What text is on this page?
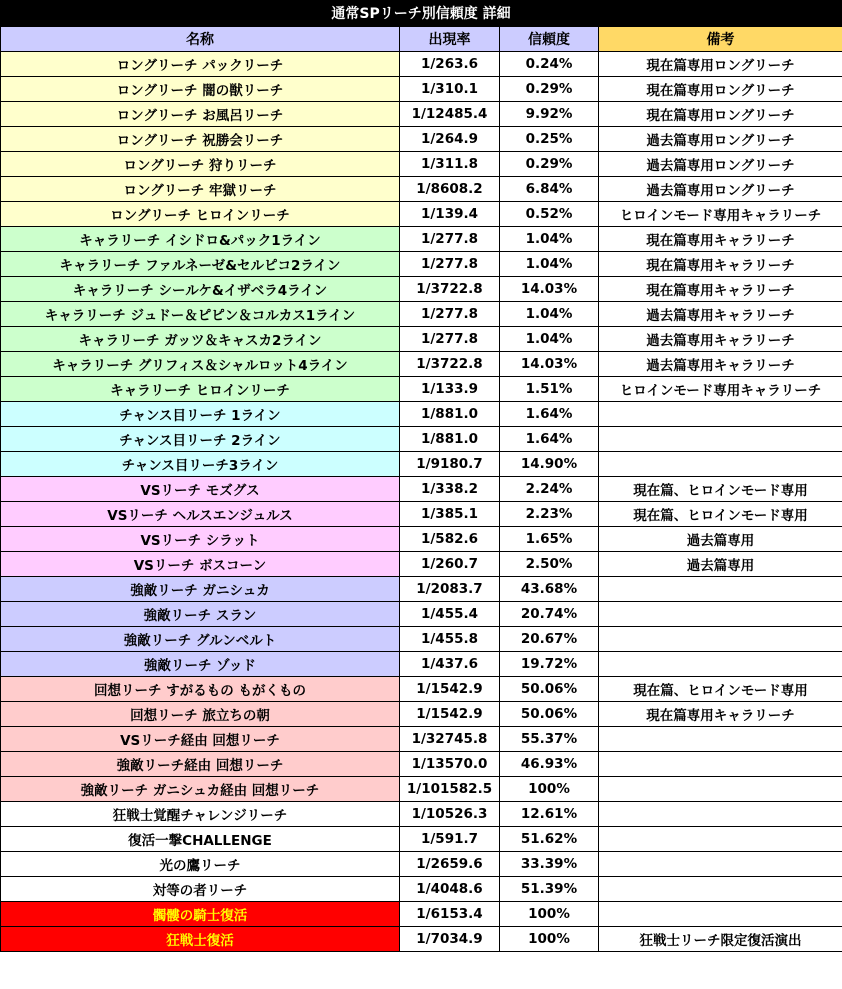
通常SPリーチ別信頼度 詳細
名称	出現率	信頼度	備考
ロングリーチ パックリーチ	1/263.6	0.24%	現在篇専用ロングリーチ
ロングリーチ 闇の獣リーチ	1/310.1	0.29%	現在篇専用ロングリーチ
ロングリーチ お風呂リーチ	1/12485.4	9.92%	現在篇専用ロングリーチ
ロングリーチ 祝勝会リーチ	1/264.9	0.25%	過去篇専用ロングリーチ
ロングリーチ 狩りリーチ	1/311.8	0.29%	過去篇専用ロングリーチ
ロングリーチ 牢獄リーチ	1/8608.2	6.84%	過去篇専用ロングリーチ
ロングリーチ ヒロインリーチ	1/139.4	0.52%	ヒロインモード専用キャラリーチ
キャラリーチ イシドロ&パック1ライン	1/277.8	1.04%	現在篇専用キャラリーチ
キャラリーチ ファルネーゼ&セルピコ2ライン	1/277.8	1.04%	現在篇専用キャラリーチ
キャラリーチ シールケ&イザベラ4ライン	1/3722.8	14.03%	現在篇専用キャラリーチ
キャラリーチ ジュドー＆ピピン＆コルカス1ライン	1/277.8	1.04%	過去篇専用キャラリーチ
キャラリーチ ガッツ＆キャスカ2ライン	1/277.8	1.04%	過去篇専用キャラリーチ
キャラリーチ グリフィス＆シャルロット4ライン	1/3722.8	14.03%	過去篇専用キャラリーチ
キャラリーチ ヒロインリーチ	1/133.9	1.51%	ヒロインモード専用キャラリーチ
チャンス目リーチ 1ライン	1/881.0	1.64%	
チャンス目リーチ 2ライン	1/881.0	1.64%	
チャンス目リーチ3ライン	1/9180.7	14.90%	
VSリーチ モズグス	1/338.2	2.24%	現在篇、ヒロインモード専用
VSリーチ ヘルスエンジュルス	1/385.1	2.23%	現在篇、ヒロインモード専用
VSリーチ シラット	1/582.6	1.65%	過去篇専用
VSリーチ ボスコーン	1/260.7	2.50%	過去篇専用
強敵リーチ ガニシュカ	1/2083.7	43.68%	
強敵リーチ スラン	1/455.4	20.74%	
強敵リーチ グルンベルト	1/455.8	20.67%	
強敵リーチ ゾッド	1/437.6	19.72%	
回想リーチ すがるもの もがくもの	1/1542.9	50.06%	現在篇、ヒロインモード専用
回想リーチ 旅立ちの朝	1/1542.9	50.06%	現在篇専用キャラリーチ
VSリーチ経由 回想リーチ	1/32745.8	55.37%	
強敵リーチ経由 回想リーチ	1/13570.0	46.93%	
強敵リーチ ガニシュカ経由 回想リーチ	1/101582.5	100%	
狂戦士覚醒チャレンジリーチ	1/10526.3	12.61%	
復活一撃CHALLENGE	1/591.7	51.62%	
光の鷹リーチ	1/2659.6	33.39%	
対等の者リーチ	1/4048.6	51.39%	
髑髏の騎士復活	1/6153.4	100%	
狂戦士復活	1/7034.9	100%	狂戦士リーチ限定復活演出
